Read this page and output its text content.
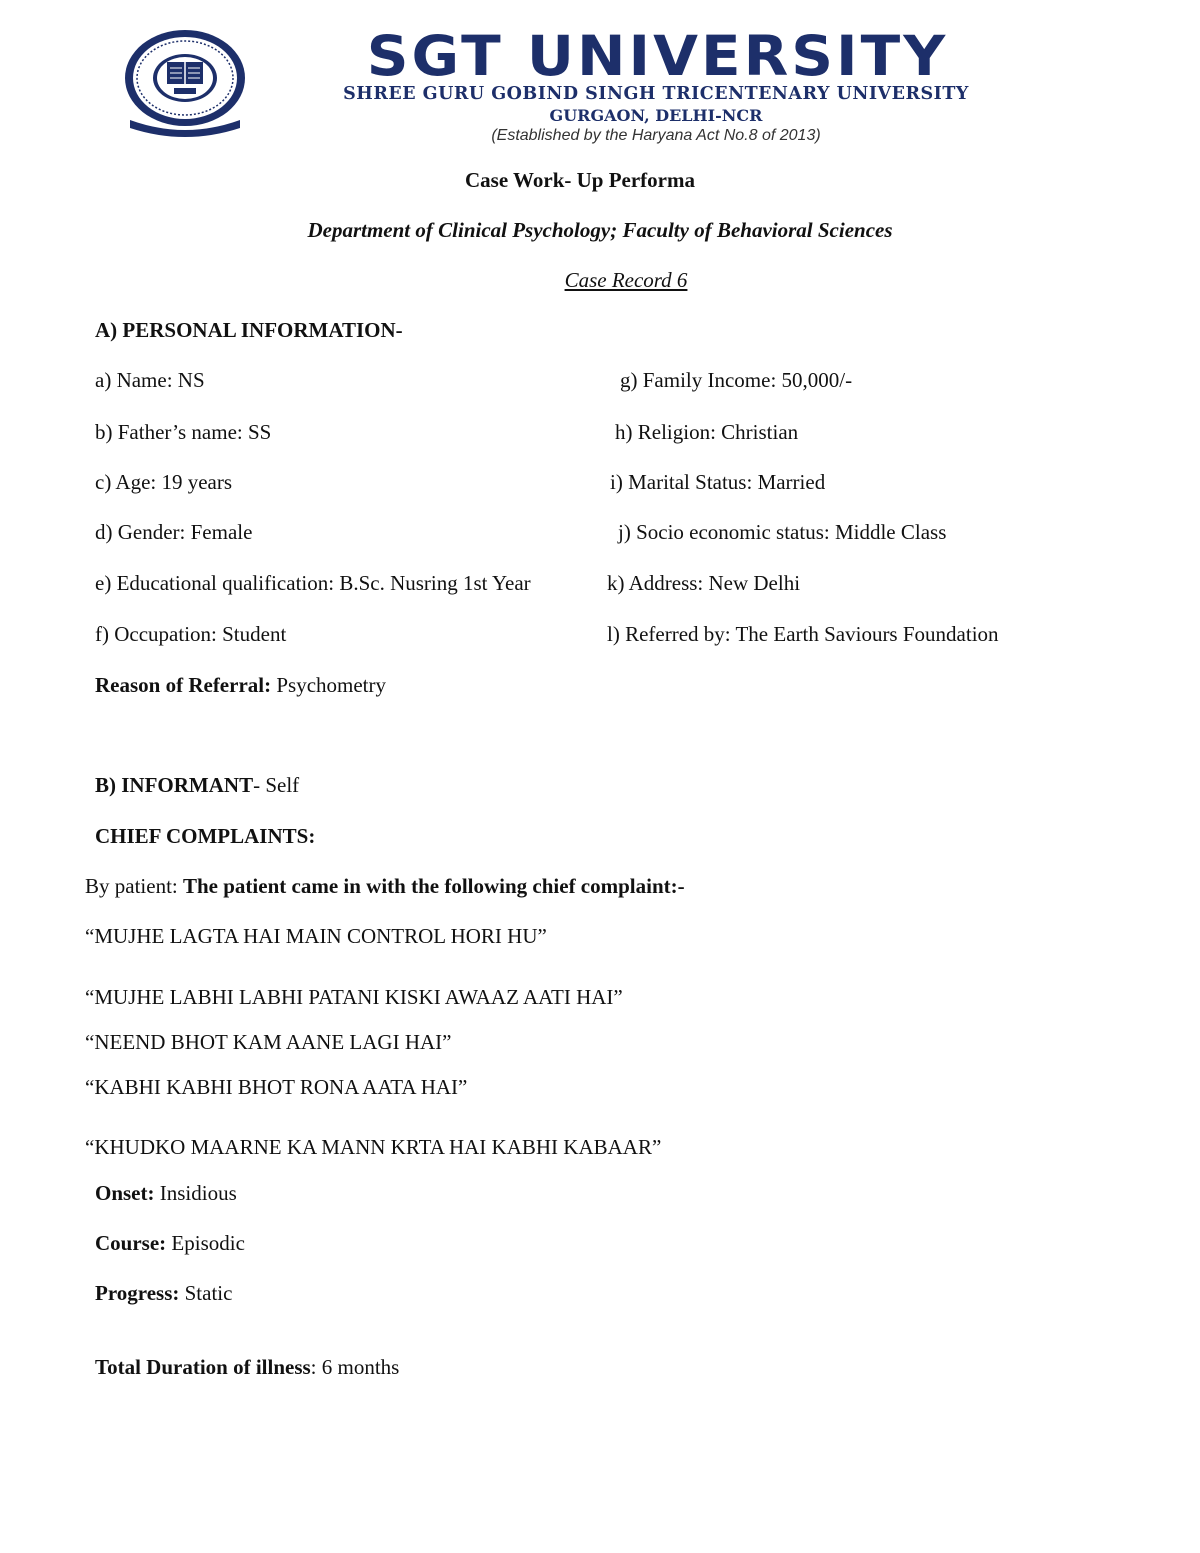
SGT UNIVERSITY
SHREE GURU GOBIND SINGH TRICENTENARY UNIVERSITY
GURGAON, DELHI-NCR
(Established by the Haryana Act No.8 of 2013)
Case Work- Up Performa
Department of Clinical Psychology; Faculty of Behavioral Sciences
Case Record 6
A) PERSONAL INFORMATION-
a) Name: NS
b) Father’s name: SS
c) Age: 19 years
d) Gender: Female
e) Educational qualification: B.Sc. Nusring 1st Year
f) Occupation: Student
g) Family Income: 50,000/-
h) Religion: Christian
i) Marital Status: Married
j) Socio economic status: Middle Class
k) Address: New Delhi
l) Referred by: The Earth Saviours Foundation
Reason of Referral: Psychometry
B) INFORMANT- Self
CHIEF COMPLAINTS:
By patient: The patient came in with the following chief complaint:-
“MUJHE LAGTA HAI MAIN CONTROL HORI HU”
“MUJHE LABHI LABHI PATANI KISKI AWAAZ AATI HAI”
“NEEND BHOT KAM AANE LAGI HAI”
“KABHI KABHI BHOT RONA AATA HAI”
“KHUDKO MAARNE KA MANN KRTA HAI KABHI KABAAR”
Onset: Insidious
Course: Episodic
Progress: Static
Total Duration of illness: 6 months
